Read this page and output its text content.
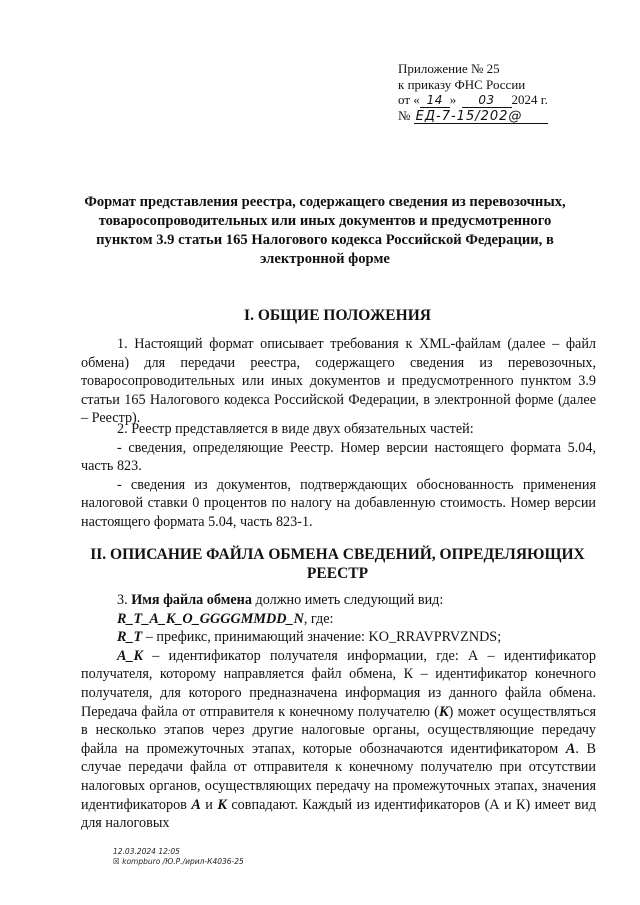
Приложение № 25
к приказу ФНС России
от « 14 » 03 2024 г.
№ ЕД-7-15/202@
Формат представления реестра, содержащего сведения из перевозочных, товаросопроводительных или иных документов и предусмотренного пунктом 3.9 статьи 165 Налогового кодекса Российской Федерации, в электронной форме
I. ОБЩИЕ ПОЛОЖЕНИЯ
1. Настоящий формат описывает требования к XML-файлам (далее – файл обмена) для передачи реестра, содержащего сведения из перевозочных, товаросопроводительных или иных документов и предусмотренного пунктом 3.9 статьи 165 Налогового кодекса Российской Федерации, в электронной форме (далее – Реестр).
2. Реестр представляется в виде двух обязательных частей:
- сведения, определяющие Реестр. Номер версии настоящего формата 5.04, часть 823.
- сведения из документов, подтверждающих обоснованность применения налоговой ставки 0 процентов по налогу на добавленную стоимость. Номер версии настоящего формата 5.04, часть 823-1.
II. ОПИСАНИЕ ФАЙЛА ОБМЕНА СВЕДЕНИЙ, ОПРЕДЕЛЯЮЩИХ РЕЕСТР
3. Имя файла обмена должно иметь следующий вид:
R_T_A_K_O_GGGGMMDD_N, где:
R_T – префикс, принимающий значение: KO_RRAVPRVZNDS;
A_K – идентификатор получателя информации, где: А – идентификатор получателя, которому направляется файл обмена, К – идентификатор конечного получателя, для которого предназначена информация из данного файла обмена. Передача файла от отправителя к конечному получателю (К) может осуществляться в несколько этапов через другие налоговые органы, осуществляющие передачу файла на промежуточных этапах, которые обозначаются идентификатором А. В случае передачи файла от отправителя к конечному получателю при отсутствии налоговых органов, осуществляющих передачу на промежуточных этапах, значения идентификаторов А и К совпадают. Каждый из идентификаторов (А и К) имеет вид для налоговых
12.03.2024 12:05
☒ kompburo /Ю.Р./ирил-К4036-25
